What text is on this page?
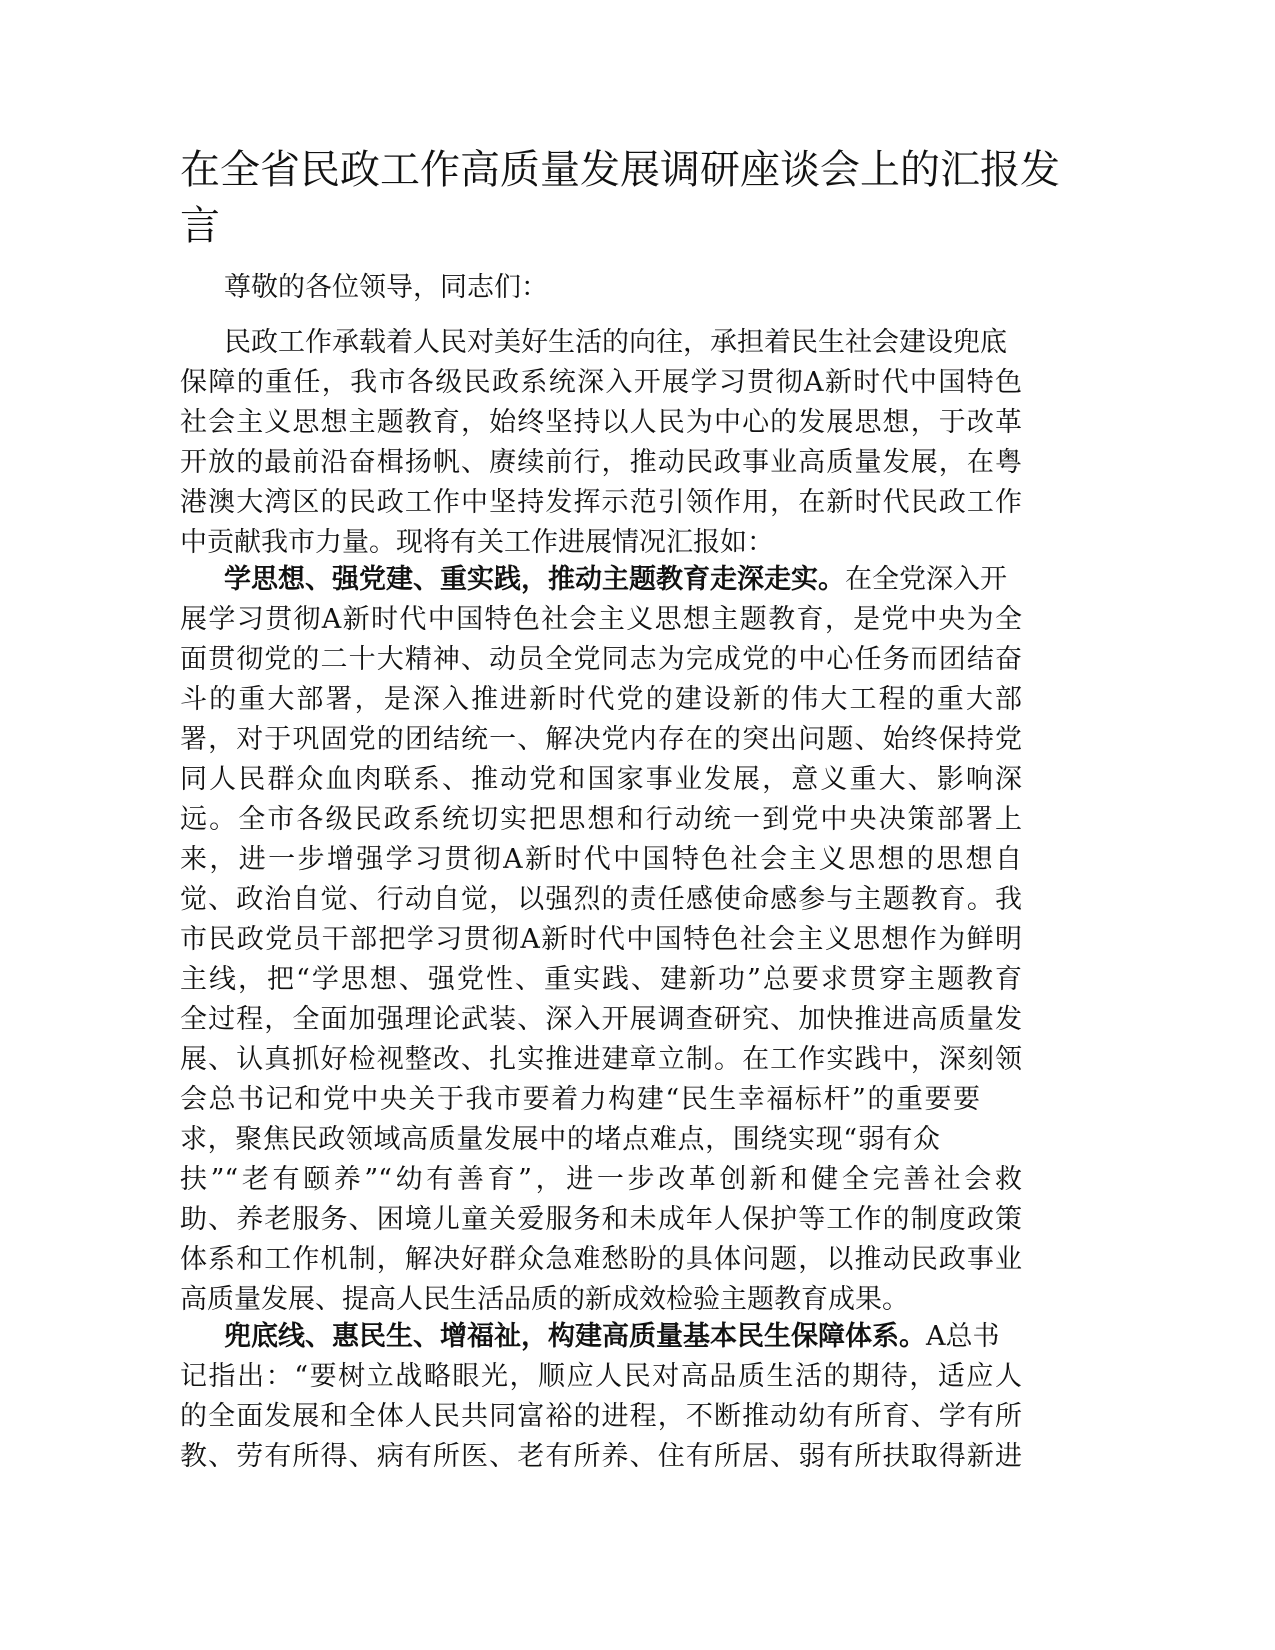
在全省民政工作高质量发展调研座谈会上的汇报发言
尊敬的各位领导，同志们：
民政工作承载着人民对美好生活的向往，承担着民生社会建设兜底
保障的重任，我市各级民政系统深入开展学习贯彻A新时代中国特色
社会主义思想主题教育，始终坚持以人民为中心的发展思想，于改革
开放的最前沿奋楫扬帆、赓续前行，推动民政事业高质量发展，在粤
港澳大湾区的民政工作中坚持发挥示范引领作用，在新时代民政工作
中贡献我市力量。现将有关工作进展情况汇报如：
学思想、强党建、重实践，推动主题教育走深走实。在全党深入开
展学习贯彻A新时代中国特色社会主义思想主题教育，是党中央为全
面贯彻党的二十大精神、动员全党同志为完成党的中心任务而团结奋
斗的重大部署，是深入推进新时代党的建设新的伟大工程的重大部
署，对于巩固党的团结统一、解决党内存在的突出问题、始终保持党
同人民群众血肉联系、推动党和国家事业发展，意义重大、影响深
远。全市各级民政系统切实把思想和行动统一到党中央决策部署上
来，进一步增强学习贯彻A新时代中国特色社会主义思想的思想自
觉、政治自觉、行动自觉，以强烈的责任感使命感参与主题教育。我
市民政党员干部把学习贯彻A新时代中国特色社会主义思想作为鲜明
主线，把“学思想、强党性、重实践、建新功”总要求贯穿主题教育
全过程，全面加强理论武装、深入开展调查研究、加快推进高质量发
展、认真抓好检视整改、扎实推进建章立制。在工作实践中，深刻领
会总书记和党中央关于我市要着力构建“民生幸福标杆”的重要要
求，聚焦民政领域高质量发展中的堵点难点，围绕实现“弱有众
扶”“老有颐养”“幼有善育”，进一步改革创新和健全完善社会救
助、养老服务、困境儿童关爱服务和未成年人保护等工作的制度政策
体系和工作机制，解决好群众急难愁盼的具体问题，以推动民政事业
高质量发展、提高人民生活品质的新成效检验主题教育成果。
兜底线、惠民生、增福祉，构建高质量基本民生保障体系。A总书
记指出：“要树立战略眼光，顺应人民对高品质生活的期待，适应人
的全面发展和全体人民共同富裕的进程，不断推动幼有所育、学有所
教、劳有所得、病有所医、老有所养、住有所居、弱有所扶取得新进
